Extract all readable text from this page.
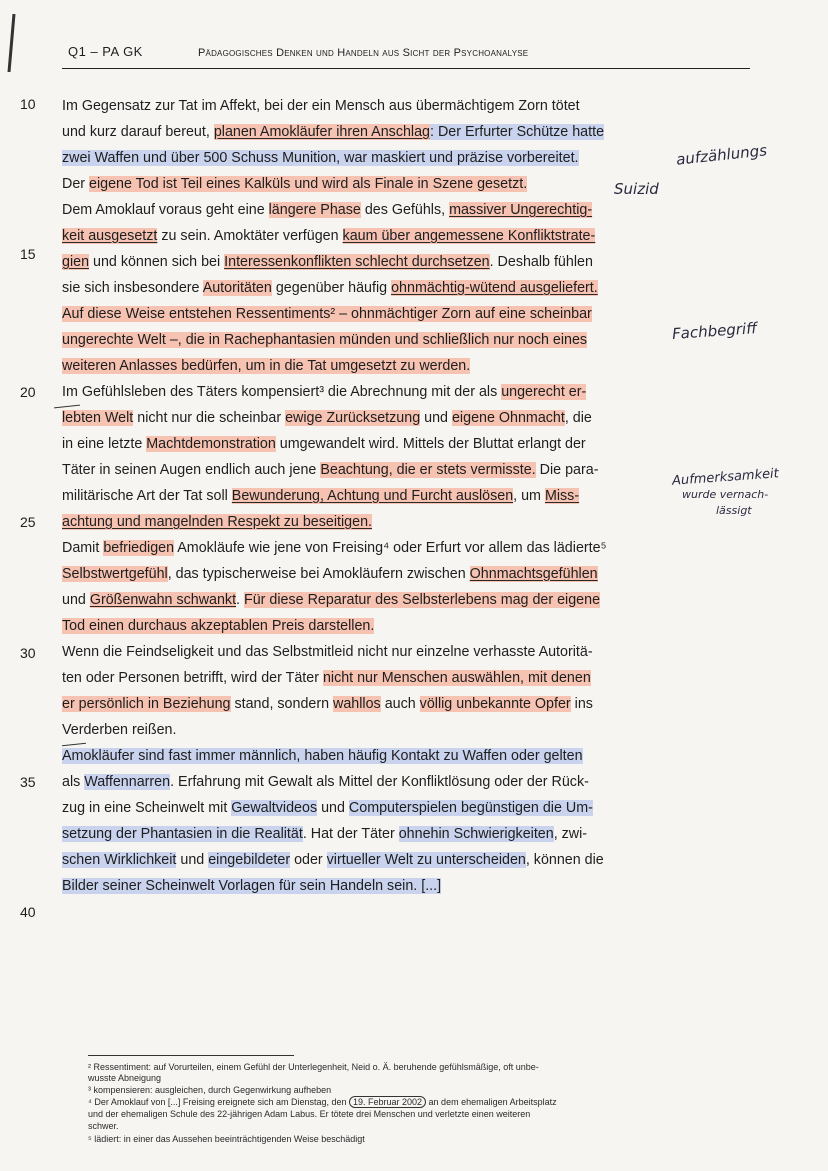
Q1 – PA GK	Pädagogisches Denken und Handeln aus Sicht der Psychoanalyse
10
15
20
25
30
35
40
Im Gegensatz zur Tat im Affekt, bei der ein Mensch aus übermächtigem Zorn tötet
und kurz darauf bereut, planen Amokläufer ihren Anschlag: Der Erfurter Schütze hatte
zwei Waffen und über 500 Schuss Munition, war maskiert und präzise vorbereitet.
Der eigene Tod ist Teil eines Kalküls und wird als Finale in Szene gesetzt.
Dem Amoklauf voraus geht eine längere Phase des Gefühls, massiver Ungerechtig-
keit ausgesetzt zu sein. Amoktäter verfügen kaum über angemessene Konfliktstrate-
gien und können sich bei Interessenkonflikten schlecht durchsetzen. Deshalb fühlen
sie sich insbesondere Autoritäten gegenüber häufig ohnmächtig-wütend ausgeliefert.
Auf diese Weise entstehen Ressentiments² – ohnmächtiger Zorn auf eine scheinbar
ungerechte Welt –, die in Rachephantasien münden und schließlich nur noch eines
weiteren Anlasses bedürfen, um in die Tat umgesetzt zu werden.
Im Gefühlsleben des Täters kompensiert³ die Abrechnung mit der als ungerecht er-
lebten Welt nicht nur die scheinbar ewige Zurücksetzung und eigene Ohnmacht, die
in eine letzte Machtdemonstration umgewandelt wird. Mittels der Bluttat erlangt der
Täter in seinen Augen endlich auch jene Beachtung, die er stets vermisste. Die para-
militärische Art der Tat soll Bewunderung, Achtung und Furcht auslösen, um Miss-
achtung und mangelnden Respekt zu beseitigen.
Damit befriedigen Amokläufe wie jene von Freising⁴ oder Erfurt vor allem das lädierte⁵
Selbstwertgefühl, das typischerweise bei Amokläufern zwischen Ohnmachtsgefühlen
und Größenwahn schwankt. Für diese Reparatur des Selbsterlebens mag der eigene
Tod einen durchaus akzeptablen Preis darstellen.
Wenn die Feindseligkeit und das Selbstmitleid nicht nur einzelne verhasste Autoritä-
ten oder Personen betrifft, wird der Täter nicht nur Menschen auswählen, mit denen
er persönlich in Beziehung stand, sondern wahllos auch völlig unbekannte Opfer ins
Verderben reißen.
Amokläufer sind fast immer männlich, haben häufig Kontakt zu Waffen oder gelten
als Waffennarren. Erfahrung mit Gewalt als Mittel der Konfliktlösung oder der Rück-
zug in eine Scheinwelt mit Gewaltvideos und Computerspielen begünstigen die Um-
setzung der Phantasien in die Realität. Hat der Täter ohnehin Schwierigkeiten, zwi-
schen Wirklichkeit und eingebildeter oder virtueller Welt zu unterscheiden, können die
Bilder seiner Scheinwelt Vorlagen für sein Handeln sein. [...]
aufzählungs
Suizid
Fachbegriff
Aufmerksamkeit
wurde vernach-
lässigt
² Ressentiment: auf Vorurteilen, einem Gefühl der Unterlegenheit, Neid o. Ä. beruhende gefühlsmäßige, oft unbe-
wusste Abneigung
³ kompensieren: ausgleichen, durch Gegenwirkung aufheben
⁴ Der Amoklauf von [...] Freising ereignete sich am Dienstag, den 19. Februar 2002 an dem ehemaligen Arbeitsplatz
und der ehemaligen Schule des 22-jährigen Adam Labus. Er tötete drei Menschen und verletzte einen weiteren
schwer.
⁵ lädiert: in einer das Aussehen beeinträchtigenden Weise beschädigt
